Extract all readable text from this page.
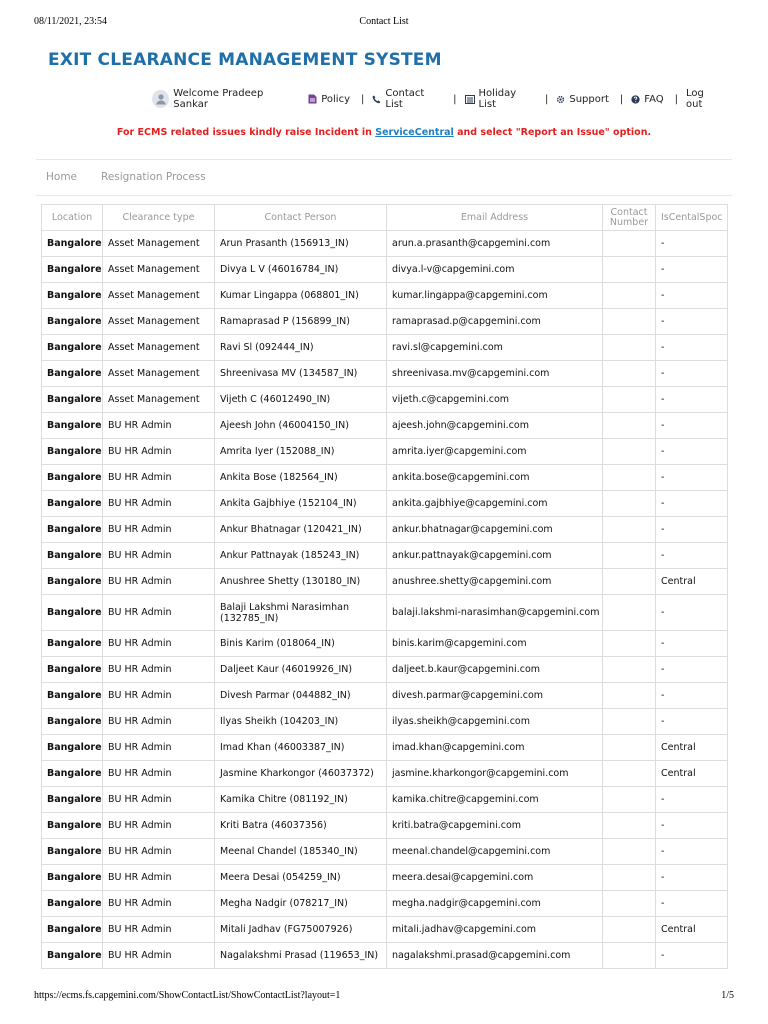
08/11/2021, 23:54	Contact List
EXIT CLEARANCE MANAGEMENT SYSTEM
Welcome Pradeep Sankar	Policy | Contact List	| Holiday List	| Support | FAQ | Log out
For ECMS related issues kindly raise Incident in ServiceCentral and select "Report an Issue" option.
Home Resignation Process
Location	Clearance type	Contact Person	Email Address	Contact Number	IsCentalSpoc
Bangalore	Asset Management	Arun Prasanth (156913_IN)	arun.a.prasanth@capgemini.com		-
Bangalore	Asset Management	Divya L V (46016784_IN)	divya.l-v@capgemini.com		-
Bangalore	Asset Management	Kumar Lingappa (068801_IN)	kumar.lingappa@capgemini.com		-
Bangalore	Asset Management	Ramaprasad P (156899_IN)	ramaprasad.p@capgemini.com		-
Bangalore	Asset Management	Ravi Sl (092444_IN)	ravi.sl@capgemini.com		-
Bangalore	Asset Management	Shreenivasa MV (134587_IN)	shreenivasa.mv@capgemini.com		-
Bangalore	Asset Management	Vijeth C (46012490_IN)	vijeth.c@capgemini.com		-
Bangalore	BU HR Admin	Ajeesh John (46004150_IN)	ajeesh.john@capgemini.com		-
Bangalore	BU HR Admin	Amrita Iyer (152088_IN)	amrita.iyer@capgemini.com		-
Bangalore	BU HR Admin	Ankita Bose (182564_IN)	ankita.bose@capgemini.com		-
Bangalore	BU HR Admin	Ankita Gajbhiye (152104_IN)	ankita.gajbhiye@capgemini.com		-
Bangalore	BU HR Admin	Ankur Bhatnagar (120421_IN)	ankur.bhatnagar@capgemini.com		-
Bangalore	BU HR Admin	Ankur Pattnayak (185243_IN)	ankur.pattnayak@capgemini.com		-
Bangalore	BU HR Admin	Anushree Shetty (130180_IN)	anushree.shetty@capgemini.com		Central
Bangalore	BU HR Admin	Balaji Lakshmi Narasimhan (132785_IN)	balaji.lakshmi-narasimhan@capgemini.com		-
Bangalore	BU HR Admin	Binis Karim (018064_IN)	binis.karim@capgemini.com		-
Bangalore	BU HR Admin	Daljeet Kaur (46019926_IN)	daljeet.b.kaur@capgemini.com		-
Bangalore	BU HR Admin	Divesh Parmar (044882_IN)	divesh.parmar@capgemini.com		-
Bangalore	BU HR Admin	Ilyas Sheikh (104203_IN)	ilyas.sheikh@capgemini.com		-
Bangalore	BU HR Admin	Imad Khan (46003387_IN)	imad.khan@capgemini.com		Central
Bangalore	BU HR Admin	Jasmine Kharkongor (46037372)	jasmine.kharkongor@capgemini.com		Central
Bangalore	BU HR Admin	Kamika Chitre (081192_IN)	kamika.chitre@capgemini.com		-
Bangalore	BU HR Admin	Kriti Batra (46037356)	kriti.batra@capgemini.com		-
Bangalore	BU HR Admin	Meenal Chandel (185340_IN)	meenal.chandel@capgemini.com		-
Bangalore	BU HR Admin	Meera Desai (054259_IN)	meera.desai@capgemini.com		-
Bangalore	BU HR Admin	Megha Nadgir (078217_IN)	megha.nadgir@capgemini.com		-
Bangalore	BU HR Admin	Mitali Jadhav (FG75007926)	mitali.jadhav@capgemini.com		Central
Bangalore	BU HR Admin	Nagalakshmi Prasad (119653_IN)	nagalakshmi.prasad@capgemini.com		-
https://ecms.fs.capgemini.com/ShowContactList/ShowContactList?layout=1	1/5
